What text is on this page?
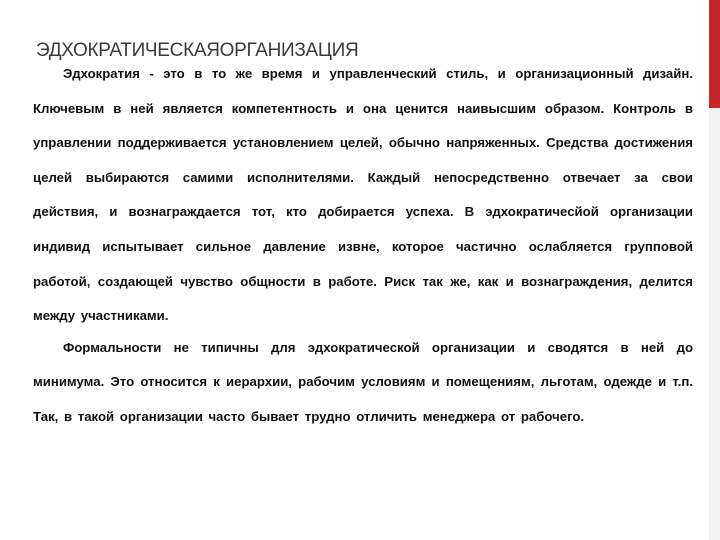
ЭДХОКРАТИЧЕСКАЯОРГАНИЗАЦИЯ

Эдхократия - это в то же время и управленческий стиль, и организационный дизайн. Ключевым в ней является компетентность и она ценится наивысшим образом. Контроль в управлении поддерживается установлением целей, обычно напряженных. Средства достижения целей выбираются самими исполнителями. Каждый непосредственно отвечает за свои действия, и вознаграждается тот, кто добирается успеха. В эдхократичесйой организации индивид испытывает сильное давление извне, которое частично ослабляется групповой работой, создающей чувство общности в работе. Риск так же, как и вознаграждения, делится между участниками.

Формальности не типичны для эдхократической организации и сводятся в ней до минимума. Это относится к иерархии, рабочим условиям и помещениям, льготам, одежде и т.п. Так, в такой организации часто бывает трудно отличить менеджера от рабочего.
